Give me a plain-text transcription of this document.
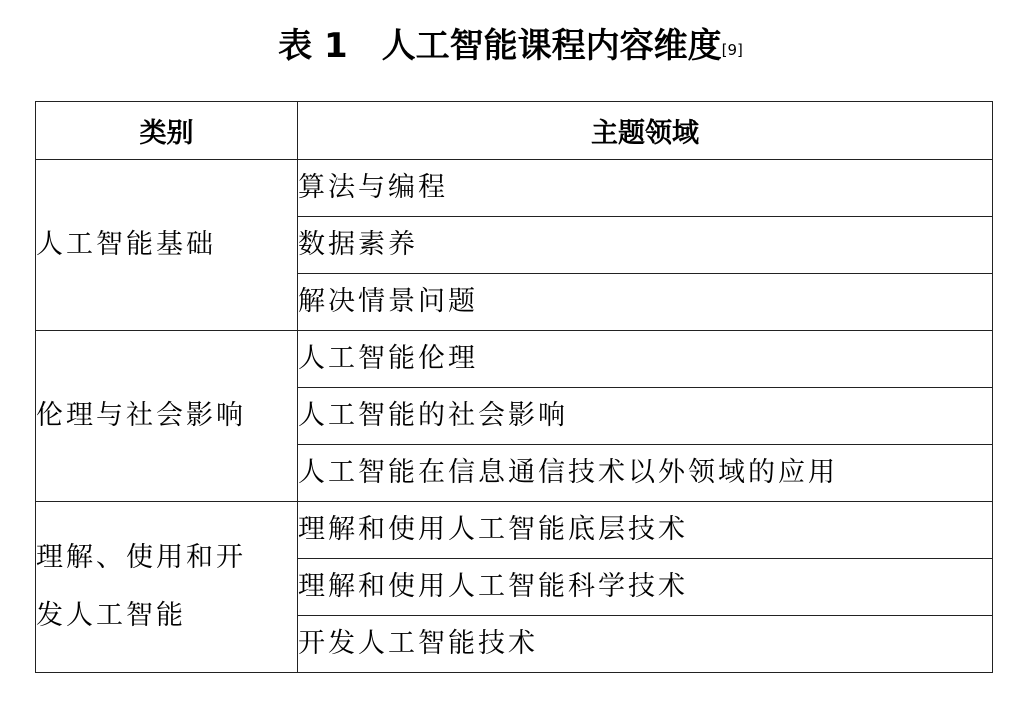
表 1 人工智能课程内容维度[9]
类别	主题领域
人工智能基础	算法与编程
	数据素养
	解决情景问题
伦理与社会影响	人工智能伦理
	人工智能的社会影响
	人工智能在信息通信技术以外领域的应用
理解、使用和开
发人工智能	理解和使用人工智能底层技术
	理解和使用人工智能科学技术
	开发人工智能技术
